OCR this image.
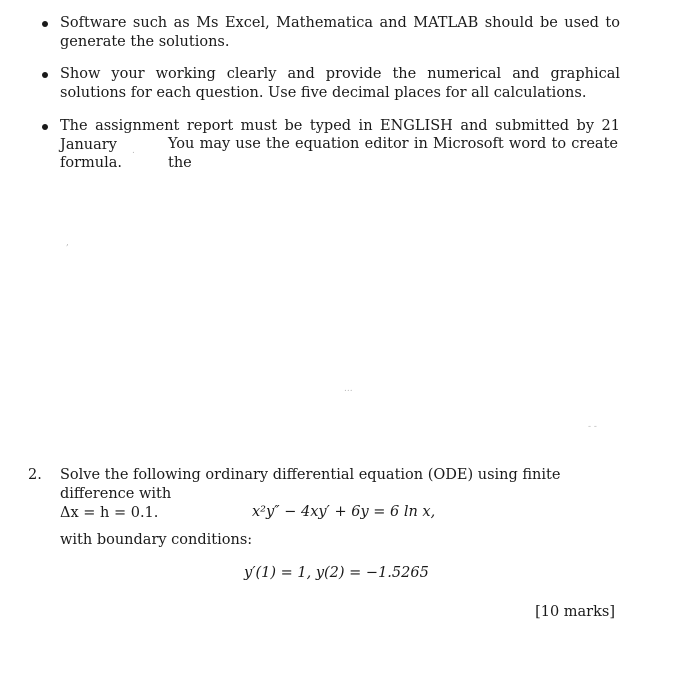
Software such as Ms Excel, Mathematica and MATLAB should be used to generate the solutions.
Show your working clearly and provide the numerical and graphical solutions for each question. Use five decimal places for all calculations.
The assignment report must be typed in ENGLISH and submitted by 21 January	You may use the equation editor in Microsoft word to create the
formula.
.
,
...
- -
2. Solve the following ordinary differential equation (ODE) using finite difference with
Δx = h = 0.1.	x²y″ − 4xy′ + 6y = 6 ln x,
with boundary conditions:
y′(1) = 1, y(2) = −1.5265
[10 marks]
